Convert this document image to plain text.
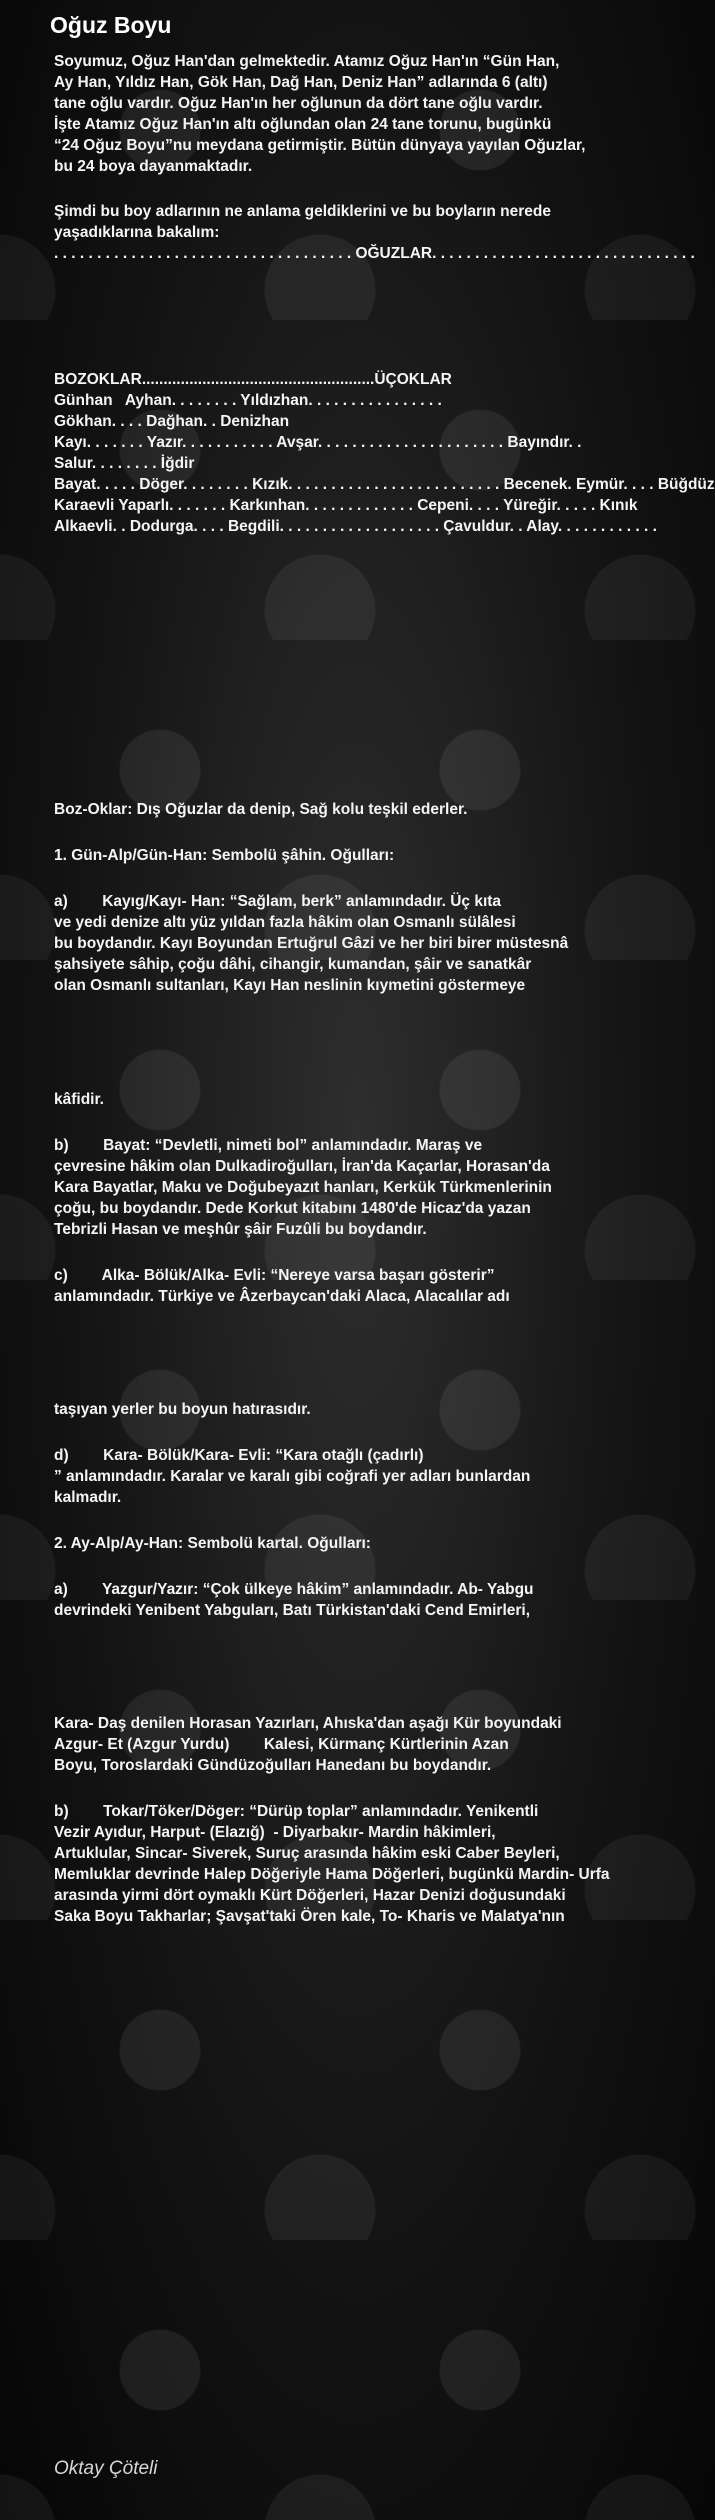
Oğuz Boyu
Soyumuz, Oğuz Han'dan gelmektedir. Atamız Oğuz Han'ın “Gün Han,
Ay Han, Yıldız Han, Gök Han, Dağ Han, Deniz Han” adlarında 6 (altı)
tane oğlu vardır. Oğuz Han'ın her oğlunun da dört tane oğlu vardır.
İşte Atamız Oğuz Han'ın altı oğlundan olan 24 tane torunu, bugünkü
“24 Oğuz Boyu”nu meydana getirmiştir. Bütün dünyaya yayılan Oğuzlar,
bu 24 boya dayanmaktadır.
Şimdi bu boy adlarının ne anlama geldiklerini ve bu boyların nerede
yaşadıklarına bakalım:
. . . . . . . . . . . . . . . . . . . . . . . . . . . . . . . . . . . OĞUZLAR. . . . . . . . . . . . . . . . . . . . . . . . . . . . . . .
BOZOKLAR......................................................ÜÇOKLAR
Günhan   Ayhan. . . . . . . . Yıldızhan. . . . . . . . . . . . . . . .
Gökhan. . . . Dağhan. . Denizhan
Kayı. . . . . . . Yazır. . . . . . . . . . . Avşar. . . . . . . . . . . . . . . . . . . . . . Bayındır. .
Salur. . . . . . . . İğdir
Bayat. . . . . Döger. . . . . . . . Kızık. . . . . . . . . . . . . . . . . . . . . . . . . Becenek. Eymür. . . . Büğdüz
Karaevli Yaparlı. . . . . . . Karkınhan. . . . . . . . . . . . . Cepeni. . . . Yüreğir. . . . . Kınık
Alkaevli. . Dodurga. . . . Begdili. . . . . . . . . . . . . . . . . . . Çavuldur. . Alay. . . . . . . . . . . .
Boz-Oklar: Dış Oğuzlar da denip, Sağ kolu teşkil ederler.
1. Gün-Alp/Gün-Han: Sembolü şâhin. Oğulları:
a)        Kayıg/Kayı- Han: “Sağlam, berk” anlamındadır. Üç kıta
ve yedi denize altı yüz yıldan fazla hâkim olan Osmanlı sülâlesi
bu boydandır. Kayı Boyundan Ertuğrul Gâzi ve her biri birer müstesnâ
şahsiyete sâhip, çoğu dâhi, cihangir, kumandan, şâir ve sanatkâr
olan Osmanlı sultanları, Kayı Han neslinin kıymetini göstermeye
kâfidir.
b)        Bayat: “Devletli, nimeti bol” anlamındadır. Maraş ve
çevresine hâkim olan Dulkadiroğulları, İran'da Kaçarlar, Horasan'da
Kara Bayatlar, Maku ve Doğubeyazıt hanları, Kerkük Türkmenlerinin
çoğu, bu boydandır. Dede Korkut kitabını 1480'de Hicaz'da yazan
Tebrizli Hasan ve meşhûr şâir Fuzûli bu boydandır.
c)        Alka- Bölük/Alka- Evli: “Nereye varsa başarı gösterir”
anlamındadır. Türkiye ve Âzerbaycan'daki Alaca, Alacalılar adı
taşıyan yerler bu boyun hatırasıdır.
d)        Kara- Bölük/Kara- Evli: “Kara otağlı (çadırlı)
” anlamındadır. Karalar ve karalı gibi coğrafi yer adları bunlardan
kalmadır.
2. Ay-Alp/Ay-Han: Sembolü kartal. Oğulları:
a)        Yazgur/Yazır: “Çok ülkeye hâkim” anlamındadır. Ab- Yabgu
devrindeki Yenibent Yabguları, Batı Türkistan'daki Cend Emirleri,
Kara- Daş denilen Horasan Yazırları, Ahıska'dan aşağı Kür boyundaki
Azgur- Et (Azgur Yurdu)        Kalesi, Kürmanç Kürtlerinin Azan
Boyu, Toroslardaki Gündüzoğulları Hanedanı bu boydandır.
b)        Tokar/Töker/Döger: “Dürüp toplar” anlamındadır. Yenikentli
Vezir Ayıdur, Harput- (Elazığ)  - Diyarbakır- Mardin hâkimleri,
Artuklular, Sincar- Siverek, Suruç arasında hâkim eski Caber Beyleri,
Memluklar devrinde Halep Döğeriyle Hama Döğerleri, bugünkü Mardin- Urfa
arasında yirmi dört oymaklı Kürt Döğerleri, Hazar Denizi doğusundaki
Saka Boyu Takharlar; Şavşat'taki Ören kale, To- Kharis ve Malatya'nın
Oktay Çöteli
